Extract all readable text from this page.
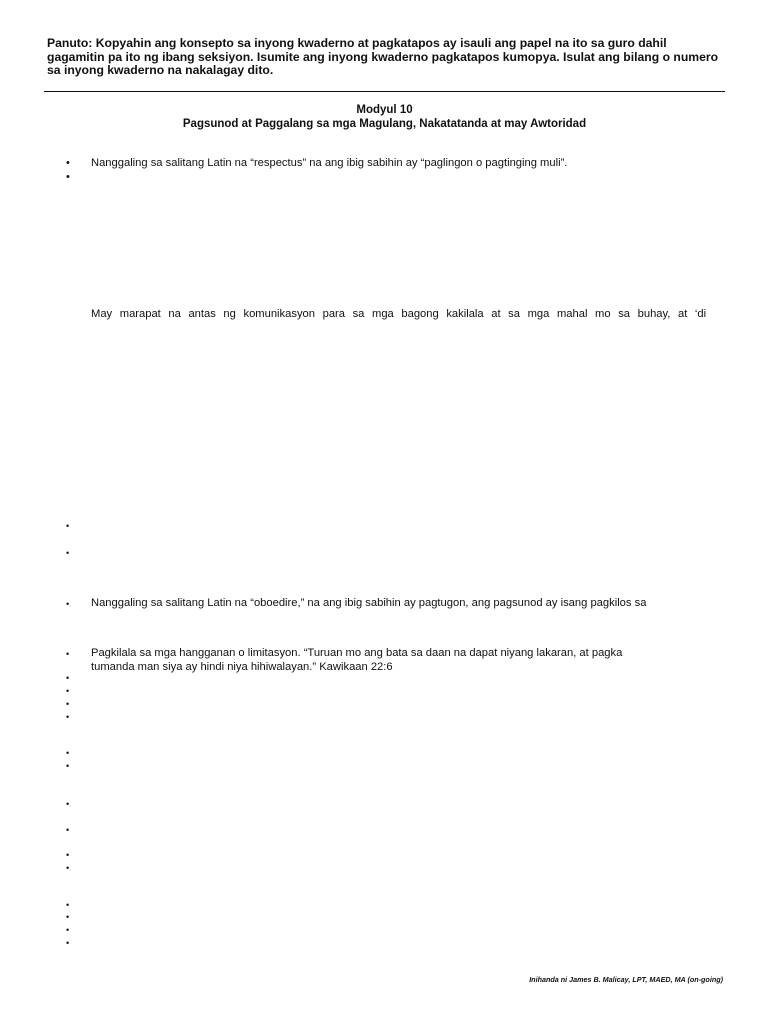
Panuto: Kopyahin ang konsepto sa inyong kwaderno at pagkatapos ay isauli ang papel na ito sa guro dahil gagamitin pa ito ng ibang seksiyon. Isumite ang inyong kwaderno pagkatapos kumopya. Isulat ang bilang o numero sa inyong kwaderno na nakalagay dito.
Modyul 10
Pagsunod at Paggalang sa mga Magulang, Nakatatanda at may Awtoridad
• Nanggaling sa salitang Latin na “respectus” na ang ibig sabihin ay “paglingon o pagtinging muli”.
•
May marapat na antas ng komunikasyon para sa mga bagong kakilala at sa mga mahal mo sa buhay, at ‘di
•
•
• Nanggaling sa salitang Latin na “oboedire,” na ang ibig sabihin ay pagtugon, ang pagsunod ay isang pagkilos sa
• Pagkilala sa mga hangganan o limitasyon. “Turuan mo ang bata sa daan na dapat niyang lakaran, at pagka
tumanda man siya ay hindi niya hihiwalayan.” Kawikaan 22:6
•
•
•
•
•
•
•
•
•
•
•
•
•
•
Inihanda ni James B. Malicay, LPT, MAED, MA (on-going)
